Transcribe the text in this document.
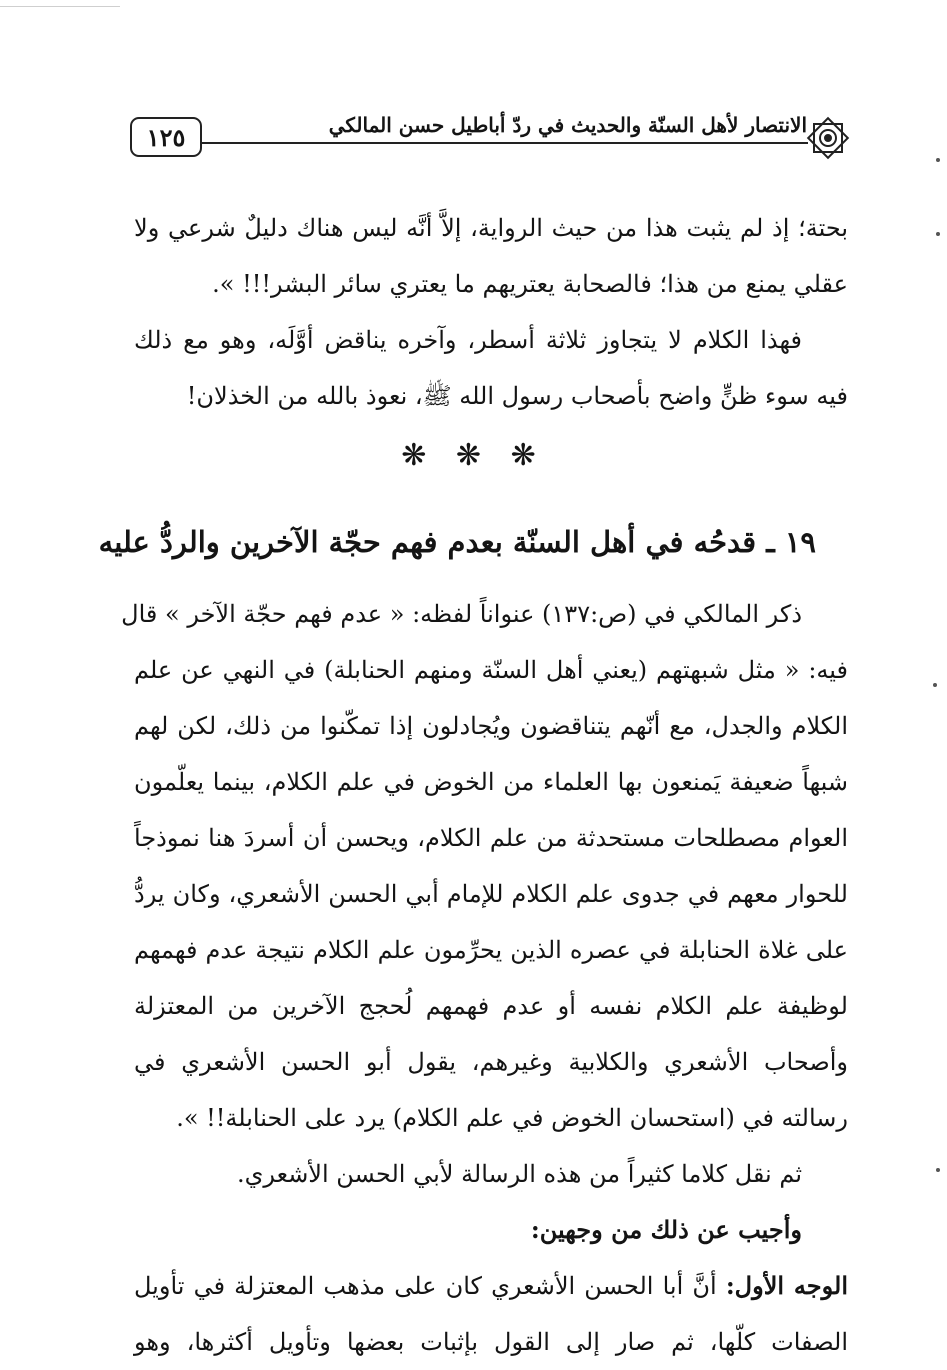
الانتصار لأهل السنّة والحديث في ردّ أباطيل حسن المالكي
١٢٥
بحتة؛ إذ لم يثبت هذا من حيث الرواية، إلاَّ أنَّه ليس هناك دليلٌ شرعي ولا
عقلي يمنع من هذا؛ فالصحابة يعتريهم ما يعتري سائر البشر!!! ».
فهذا الكلام لا يتجاوز ثلاثة أسطر، وآخره يناقض أوَّلَه، وهو مع ذلك
فيه سوء ظنٍّ واضح بأصحاب رسول الله ﷺ، نعوذ بالله من الخذلان!
❋ ❋ ❋
١٩ ـ قدحُه في أهل السنّة بعدم فهم حجّة الآخرين والردُّ عليه
ذكر المالكي في (ص:١٣٧) عنواناً لفظه: « عدم فهم حجّة الآخر » قال
فيه: « مثل شبهتهم (يعني أهل السنّة ومنهم الحنابلة) في النهي عن علم
الكلام والجدل، مع أنّهم يتناقضون ويُجادلون إذا تمكّنوا من ذلك، لكن لهم
شبهاً ضعيفة يَمنعون بها العلماء من الخوض في علم الكلام، بينما يعلّمون
العوام مصطلحات مستحدثة من علم الكلام، ويحسن أن أسردَ هنا نموذجاً
للحوار معهم في جدوى علم الكلام للإمام أبي الحسن الأشعري، وكان يردُّ
على غلاة الحنابلة في عصره الذين يحرِّمون علم الكلام نتيجة عدم فهمهم
لوظيفة علم الكلام نفسه أو عدم فهمهم لُحجج الآخرين من المعتزلة
وأصحاب الأشعري والكلابية وغيرهم، يقول أبو الحسن الأشعري في
رسالته في (استحسان الخوض في علم الكلام) يرد على الحنابلة!! ».
ثم نقل كلاما كثيراً من هذه الرسالة لأبي الحسن الأشعري.
وأجيب عن ذلك من وجهين:
الوجه الأول: أنَّ أبا الحسن الأشعري كان على مذهب المعتزلة في تأويل
الصفات كلّها، ثم صار إلى القول بإثبات بعضها وتأويل أكثرها، وهو
